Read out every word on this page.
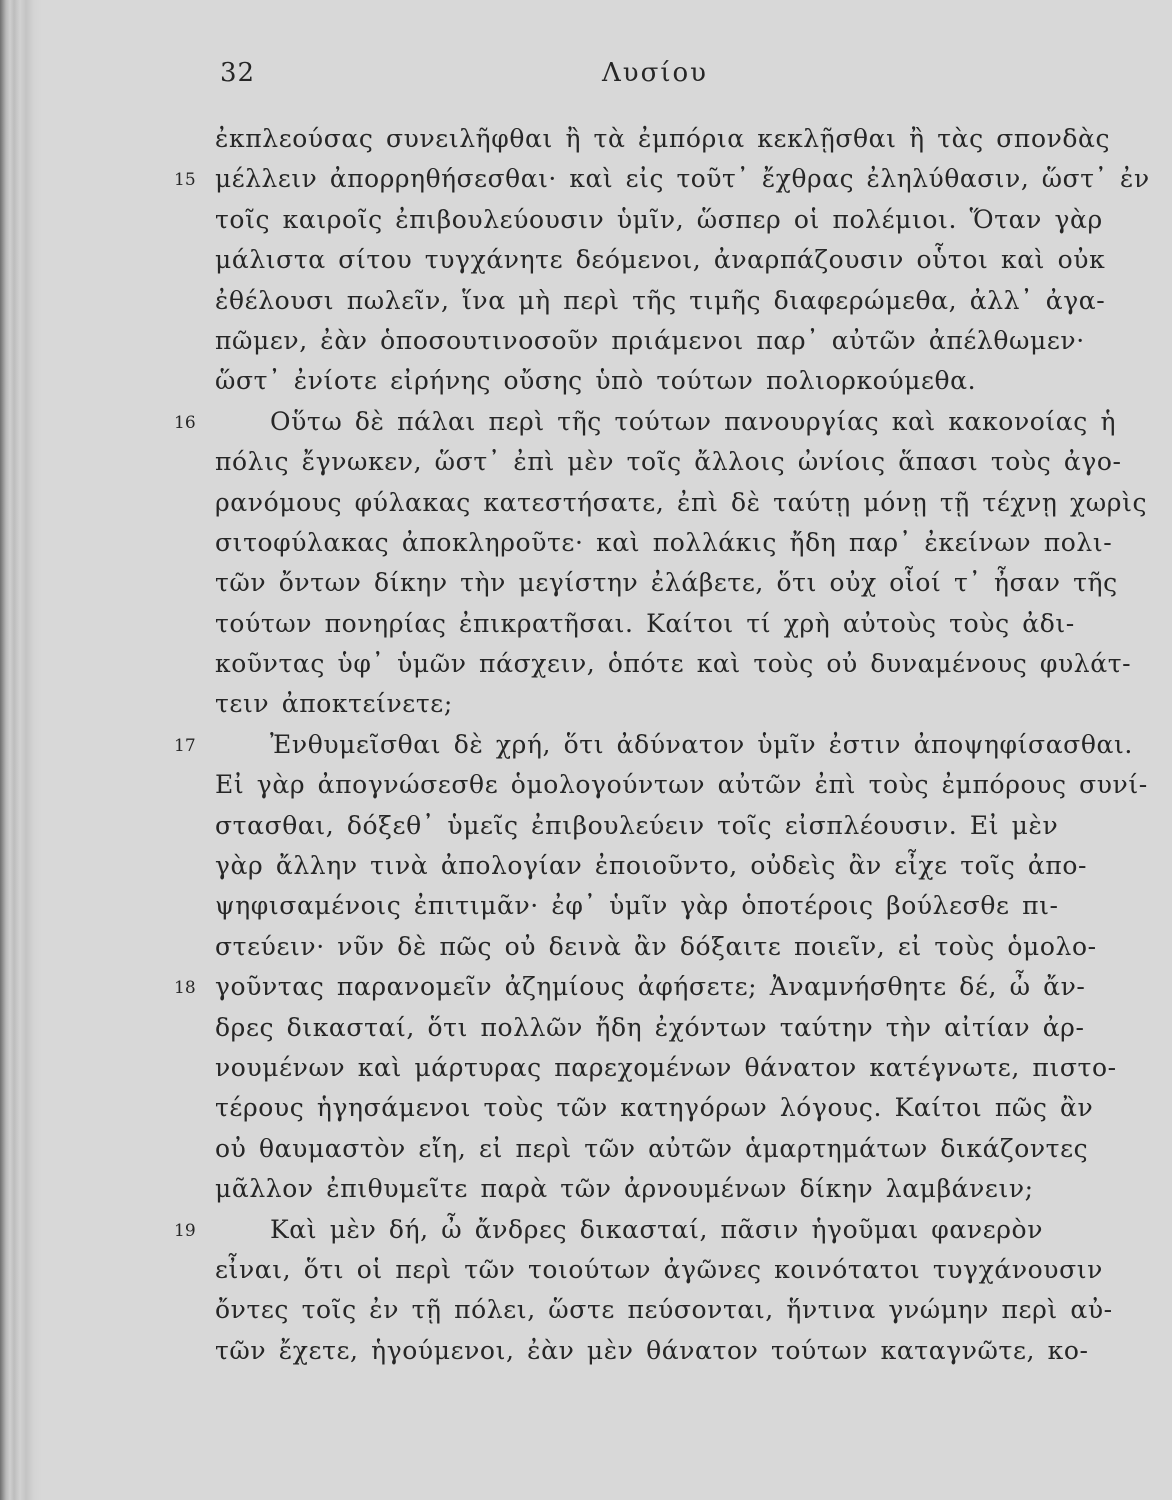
32	Λυσίου
ἐκπλεούσας συνειλῆφθαι ἢ τὰ ἐμπόρια κεκλῇσθαι ἢ τὰς σπονδὰς
15 μέλλειν ἀπορρηθήσεσθαι· καὶ εἰς τοῦτ᾿ ἔχθρας ἐληλύθασιν, ὥστ᾿ ἐν
τοῖς καιροῖς ἐπιβουλεύουσιν ὑμῖν, ὥσπερ οἱ πολέμιοι. Ὅταν γὰρ
μάλιστα σίτου τυγχάνητε δεόμενοι, ἀναρπάζουσιν οὗτοι καὶ οὐκ
ἐθέλουσι πωλεῖν, ἵνα μὴ περὶ τῆς τιμῆς διαφερώμεθα, ἀλλ᾿ ἀγα-
πῶμεν, ἐὰν ὁποσουτινοσοῦν πριάμενοι παρ᾿ αὐτῶν ἀπέλθωμεν·
ὥστ᾿ ἐνίοτε εἰρήνης οὔσης ὑπὸ τούτων πολιορκούμεθα.
16	Οὕτω δὲ πάλαι περὶ τῆς τούτων πανουργίας καὶ κακονοίας ἡ
πόλις ἔγνωκεν, ὥστ᾿ ἐπὶ μὲν τοῖς ἄλλοις ὠνίοις ἅπασι τοὺς ἀγο-
ρανόμους φύλακας κατεστήσατε, ἐπὶ δὲ ταύτῃ μόνῃ τῇ τέχνῃ χωρὶς
σιτοφύλακας ἀποκληροῦτε· καὶ πολλάκις ἤδη παρ᾿ ἐκείνων πολι-
τῶν ὄντων δίκην τὴν μεγίστην ἐλάβετε, ὅτι οὐχ οἷοί τ᾿ ἦσαν τῆς
τούτων πονηρίας ἐπικρατῆσαι. Καίτοι τί χρὴ αὐτοὺς τοὺς ἀδι-
κοῦντας ὑφ᾿ ὑμῶν πάσχειν, ὁπότε καὶ τοὺς οὐ δυναμένους φυλάτ-
τειν ἀποκτείνετε;
17	Ἐνθυμεῖσθαι δὲ χρή, ὅτι ἀδύνατον ὑμῖν ἐστιν ἀποψηφίσασθαι.
Εἰ γὰρ ἀπογνώσεσθε ὁμολογούντων αὐτῶν ἐπὶ τοὺς ἐμπόρους συνί-
στασθαι, δόξεθ᾿ ὑμεῖς ἐπιβουλεύειν τοῖς εἰσπλέουσιν. Εἰ μὲν
γὰρ ἄλλην τινὰ ἀπολογίαν ἐποιοῦντο, οὐδεὶς ἂν εἶχε τοῖς ἀπο-
ψηφισαμένοις ἐπιτιμᾶν· ἐφ᾿ ὑμῖν γὰρ ὁποτέροις βούλεσθε πι-
στεύειν· νῦν δὲ πῶς οὐ δεινὰ ἂν δόξαιτε ποιεῖν, εἰ τοὺς ὁμολο-
18 γοῦντας παρανομεῖν ἀζημίους ἀφήσετε; Ἀναμνήσθητε δέ, ὦ ἄν-
δρες δικασταί, ὅτι πολλῶν ἤδη ἐχόντων ταύτην τὴν αἰτίαν ἀρ-
νουμένων καὶ μάρτυρας παρεχομένων θάνατον κατέγνωτε, πιστο-
τέρους ἡγησάμενοι τοὺς τῶν κατηγόρων λόγους. Καίτοι πῶς ἂν
οὐ θαυμαστὸν εἴη, εἰ περὶ τῶν αὐτῶν ἁμαρτημάτων δικάζοντες
μᾶλλον ἐπιθυμεῖτε παρὰ τῶν ἀρνουμένων δίκην λαμβάνειν;
19	Καὶ μὲν δή, ὦ ἄνδρες δικασταί, πᾶσιν ἡγοῦμαι φανερὸν
εἶναι, ὅτι οἱ περὶ τῶν τοιούτων ἀγῶνες κοινότατοι τυγχάνουσιν
ὄντες τοῖς ἐν τῇ πόλει, ὥστε πεύσονται, ἥντινα γνώμην περὶ αὐ-
τῶν ἔχετε, ἡγούμενοι, ἐὰν μὲν θάνατον τούτων καταγνῶτε, κο-
